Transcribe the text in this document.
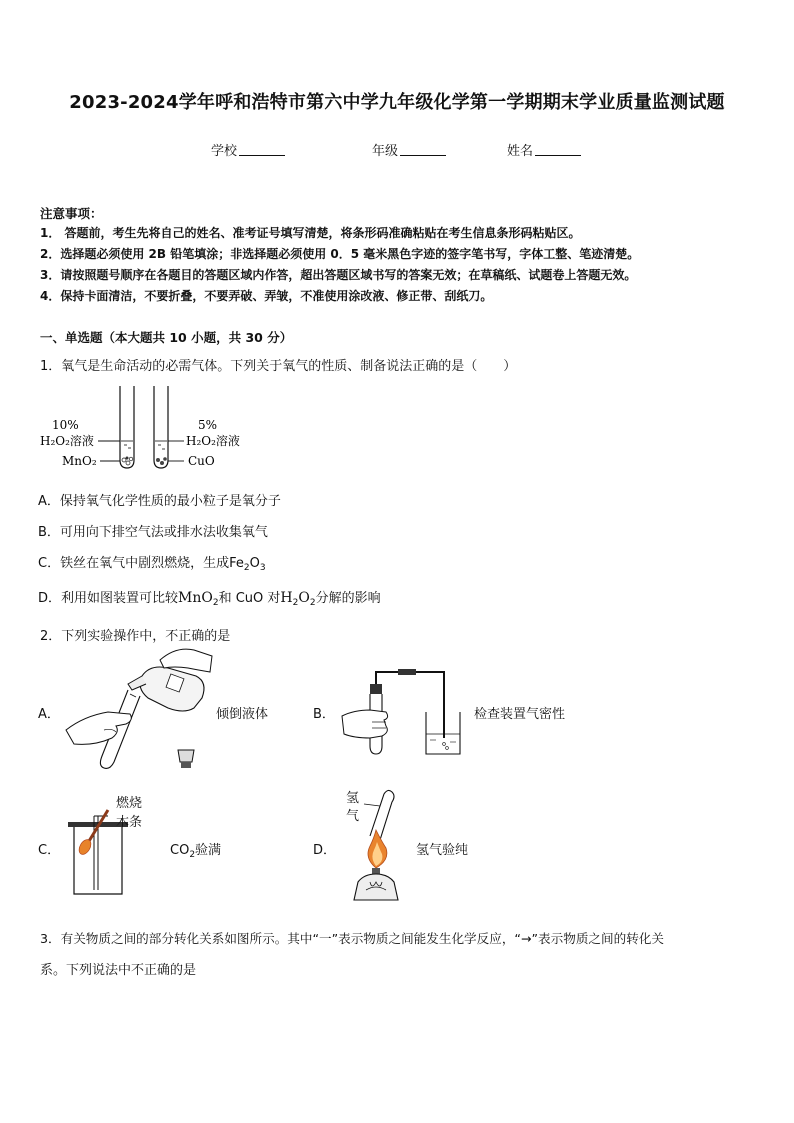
2023-2024学年呼和浩特市第六中学九年级化学第一学期期末学业质量监测试题
学校	年级	姓名
注意事项：
1． 答题前，考生先将自己的姓名、准考证号填写清楚，将条形码准确粘贴在考生信息条形码粘贴区。
2．选择题必须使用 2B 铅笔填涂；非选择题必须使用 0．5 毫米黑色字迹的签字笔书写，字体工整、笔迹清楚。
3．请按照题号顺序在各题目的答题区域内作答，超出答题区域书写的答案无效；在草稿纸、试题卷上答题无效。
4．保持卡面清洁，不要折叠，不要弄破、弄皱，不准使用涂改液、修正带、刮纸刀。
一、单选题（本大题共 10 小题，共 30 分）
1．氧气是生命活动的必需气体。下列关于氧气的性质、制备说法正确的是（　　）
10%
H₂O₂溶液
MnO₂
5%
H₂O₂溶液
CuO
A．保持氧气化学性质的最小粒子是氧分子
B．可用向下排空气法或排水法收集氧气
C．铁丝在氧气中剧烈燃烧，生成$Fe_2O_3$
D．利用如图装置可比较MnO$_2$和 CuO 对$H_2O_2$分解的影响
2．下列实验操作中，不正确的是
A．	倾倒液体	B．	检查装置气密性
C．
燃烧
木条
$CO_2$验满	D．
氢
气
氢气验纯
3．有关物质之间的部分转化关系如图所示。其中“一”表示物质之间能发生化学反应，“→”表示物质之间的转化关
系。下列说法中不正确的是
